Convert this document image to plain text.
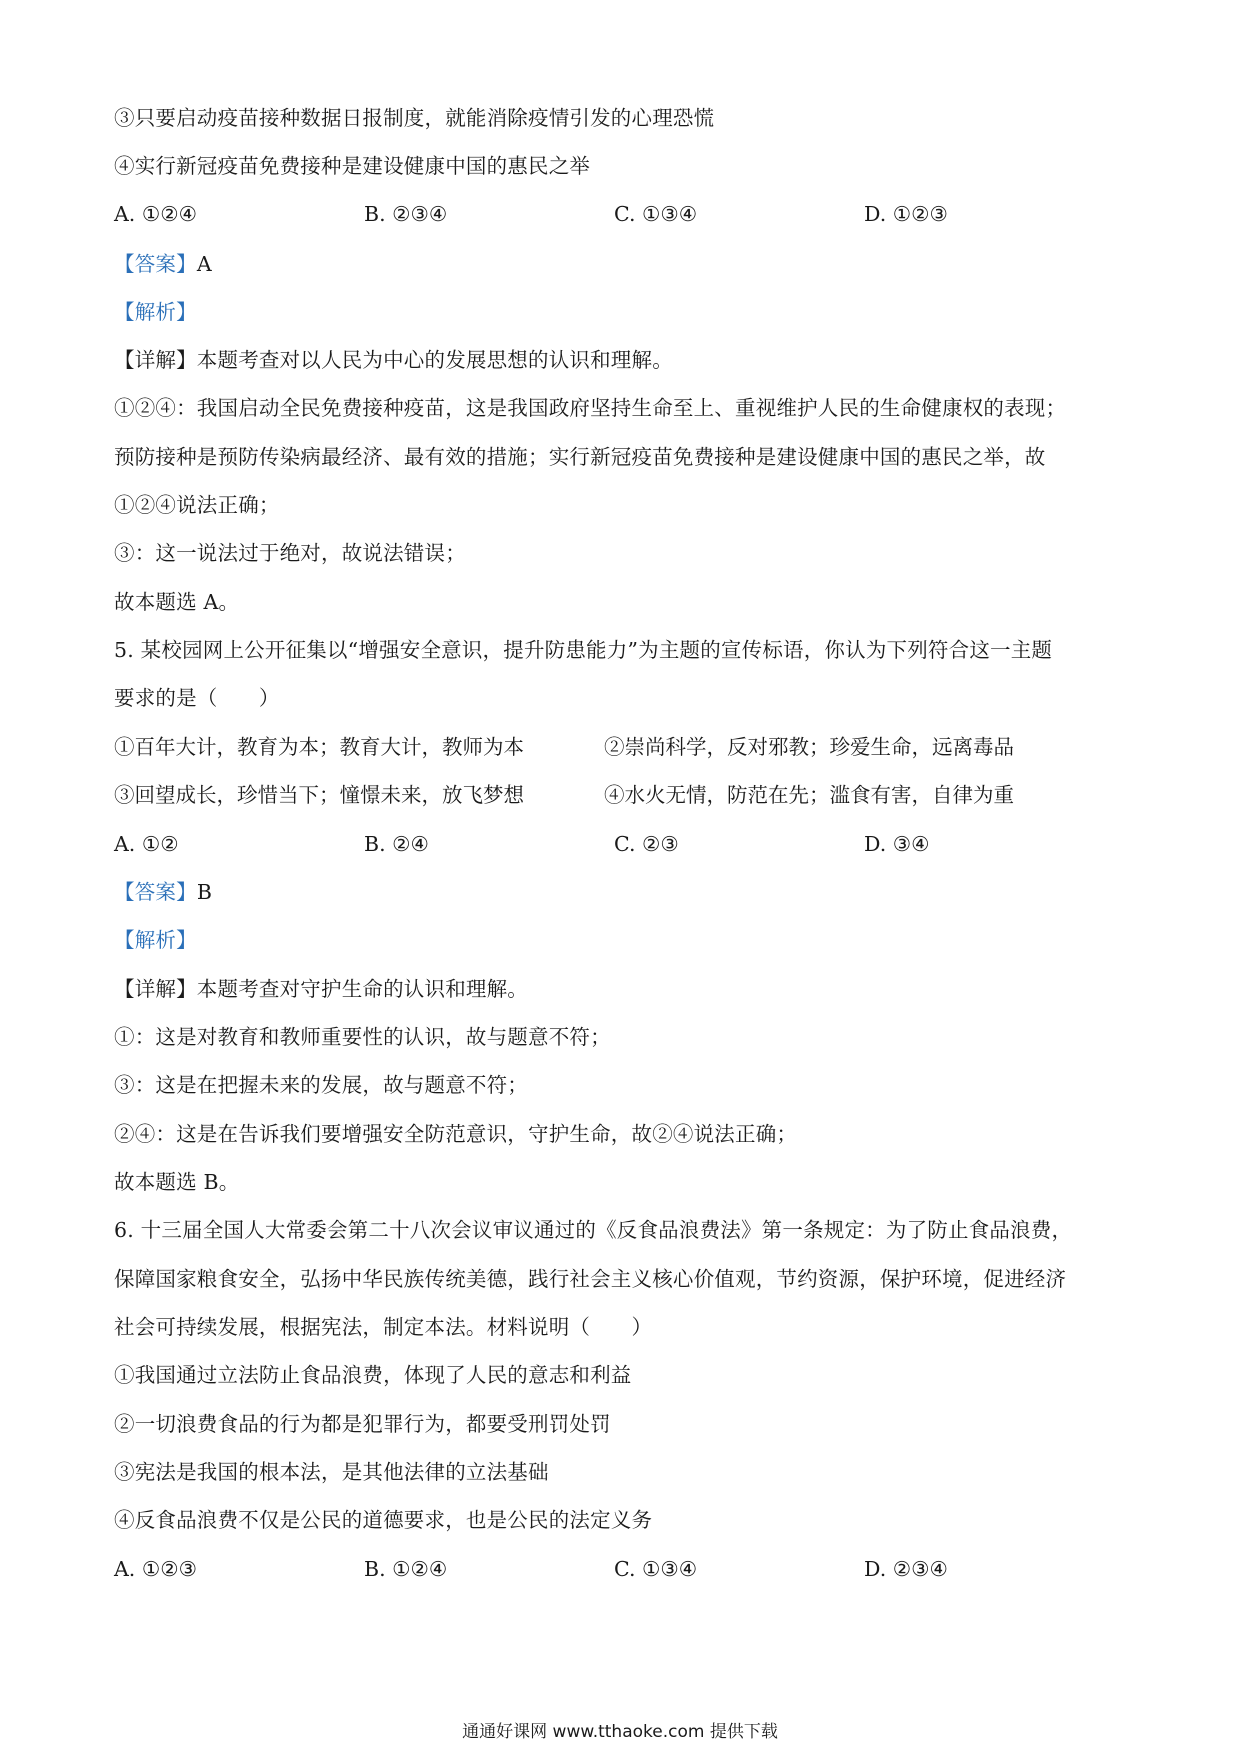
③只要启动疫苗接种数据日报制度，就能消除疫情引发的心理恐慌
④实行新冠疫苗免费接种是建设健康中国的惠民之举
A. ①②④	B. ②③④	C. ①③④	D. ①②③
【答案】A
【解析】
【详解】本题考查对以人民为中心的发展思想的认识和理解。
①②④：我国启动全民免费接种疫苗，这是我国政府坚持生命至上、重视维护人民的生命健康权的表现；
预防接种是预防传染病最经济、最有效的措施；实行新冠疫苗免费接种是建设健康中国的惠民之举，故
①②④说法正确；
③：这一说法过于绝对，故说法错误；
故本题选 A。
5. 某校园网上公开征集以“增强安全意识，提升防患能力”为主题的宣传标语，你认为下列符合这一主题
要求的是（　　）
①百年大计，教育为本；教育大计，教师为本	②崇尚科学，反对邪教；珍爱生命，远离毒品
③回望成长，珍惜当下；憧憬未来，放飞梦想	④水火无情，防范在先；滥食有害，自律为重
A. ①②	B. ②④	C. ②③	D. ③④
【答案】B
【解析】
【详解】本题考查对守护生命的认识和理解。
①：这是对教育和教师重要性的认识，故与题意不符；
③：这是在把握未来的发展，故与题意不符；
②④：这是在告诉我们要增强安全防范意识，守护生命，故②④说法正确；
故本题选 B。
6. 十三届全国人大常委会第二十八次会议审议通过的《反食品浪费法》第一条规定：为了防止食品浪费，
保障国家粮食安全，弘扬中华民族传统美德，践行社会主义核心价值观，节约资源，保护环境，促进经济
社会可持续发展，根据宪法，制定本法。材料说明（　　）
①我国通过立法防止食品浪费，体现了人民的意志和利益
②一切浪费食品的行为都是犯罪行为，都要受刑罚处罚
③宪法是我国的根本法，是其他法律的立法基础
④反食品浪费不仅是公民的道德要求，也是公民的法定义务
A. ①②③	B. ①②④	C. ①③④	D. ②③④
通通好课网 www.tthaoke.com 提供下载
